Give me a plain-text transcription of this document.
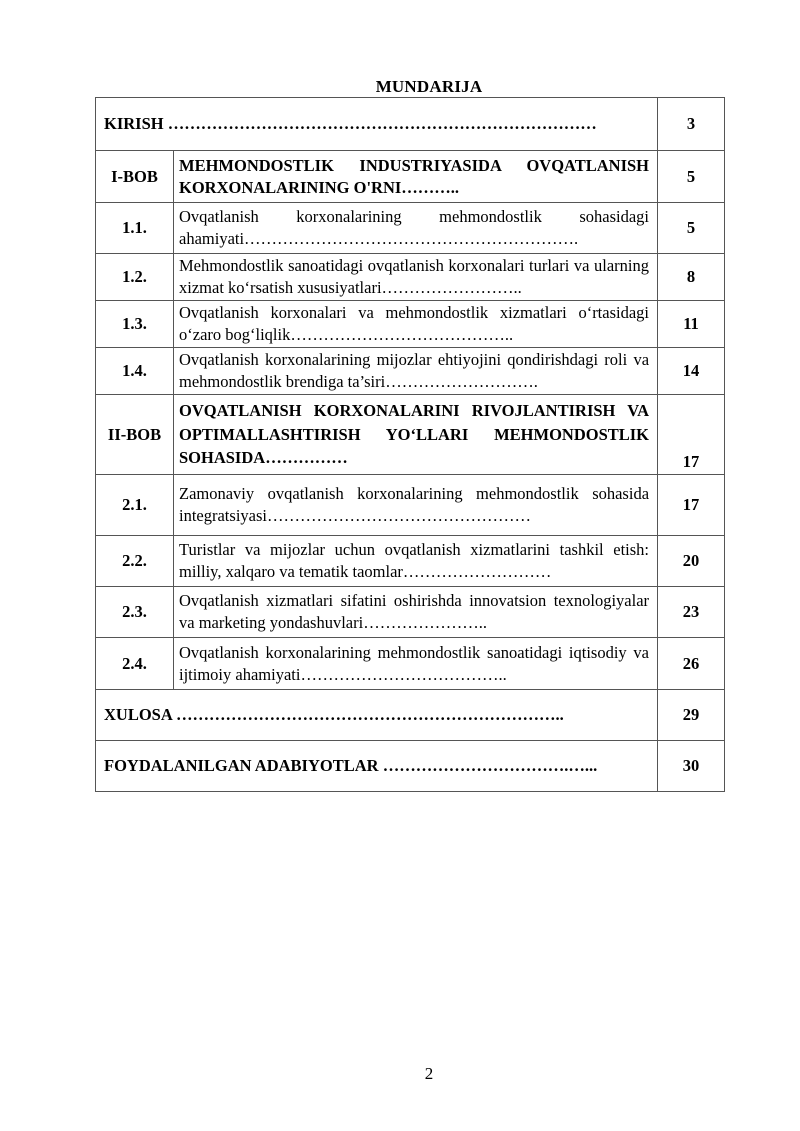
MUNDARIJA
KIRISH ……………………………………………………………………		3
I-BOB	MEHMONDOSTLIK INDUSTRIYASIDA OVQATLANISH KORXONALARINING O'RNI………..	5
1.1.	Ovqatlanish korxonalarining mehmondostlik sohasidagi ahamiyati…………………………………………………….	5
1.2.	Mehmondostlik sanoatidagi ovqatlanish korxonalari turlari va ularning xizmat ko‘rsatish xususiyatlari……………………..	8
1.3.	Ovqatlanish korxonalari va mehmondostlik xizmatlari o‘rtasidagi o‘zaro bog‘liqlik…………………………………..	11
1.4.	Ovqatlanish korxonalarining mijozlar ehtiyojini qondirishdagi roli va mehmondostlik brendiga ta’siri……………………….	14
II-BOB	OVQATLANISH KORXONALARINI RIVOJLANTIRISH VA OPTIMALLASHTIRISH YO‘LLARI MEHMONDOSTLIK SOHASIDA……………	17
2.1.	Zamonaviy ovqatlanish korxonalarining mehmondostlik sohasida integratsiyasi…………………………………………	17
2.2.	Turistlar va mijozlar uchun ovqatlanish xizmatlarini tashkil etish: milliy, xalqaro va tematik taomlar………………………	20
2.3.	Ovqatlanish xizmatlari sifatini oshirishda innovatsion texnologiyalar va marketing yondashuvlari…………………..	23
2.4.	Ovqatlanish korxonalarining mehmondostlik sanoatidagi iqtisodiy va ijtimoiy ahamiyati………………………………..	26
XULOSA ……………………………………………………………..		29
FOYDALANILGAN ADABIYOTLAR …………………………….…...		30
2
